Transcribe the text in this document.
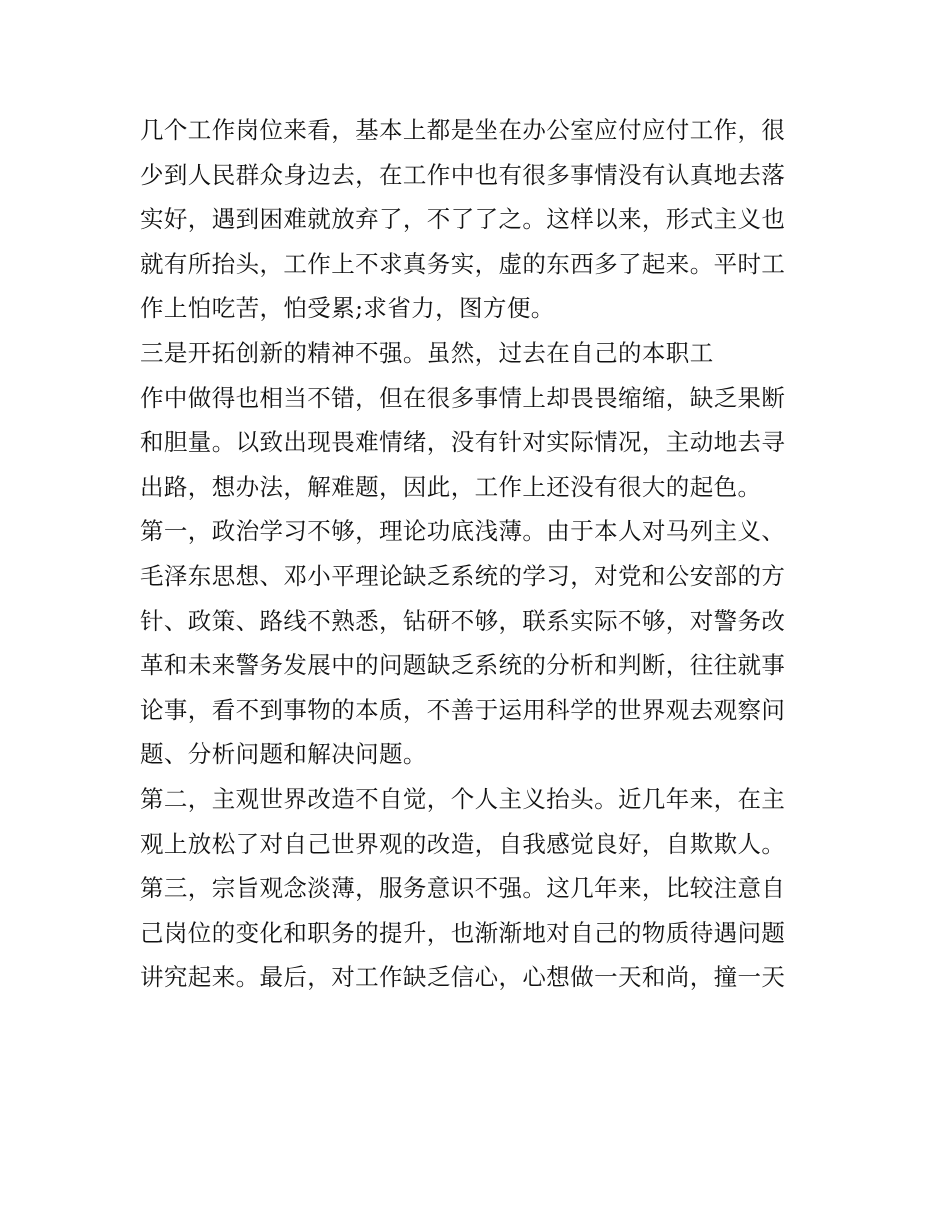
几个工作岗位来看，基本上都是坐在办公室应付应付工作，很
少到人民群众身边去，在工作中也有很多事情没有认真地去落
实好，遇到困难就放弃了，不了了之。这样以来，形式主义也
就有所抬头，工作上不求真务实，虚的东西多了起来。平时工
作上怕吃苦，怕受累;求省力，图方便。
三是开拓创新的精神不强。虽然，过去在自己的本职工
作中做得也相当不错，但在很多事情上却畏畏缩缩，缺乏果断
和胆量。以致出现畏难情绪，没有针对实际情况，主动地去寻
出路，想办法，解难题，因此，工作上还没有很大的起色。
第一，政治学习不够，理论功底浅薄。由于本人对马列主义、
毛泽东思想、邓小平理论缺乏系统的学习，对党和公安部的方
针、政策、路线不熟悉，钻研不够，联系实际不够，对警务改
革和未来警务发展中的问题缺乏系统的分析和判断，往往就事
论事，看不到事物的本质，不善于运用科学的世界观去观察问
题、分析问题和解决问题。
第二，主观世界改造不自觉，个人主义抬头。近几年来，在主
观上放松了对自己世界观的改造，自我感觉良好，自欺欺人。
第三，宗旨观念淡薄，服务意识不强。这几年来，比较注意自
己岗位的变化和职务的提升，也渐渐地对自己的物质待遇问题
讲究起来。最后，对工作缺乏信心，心想做一天和尚，撞一天
